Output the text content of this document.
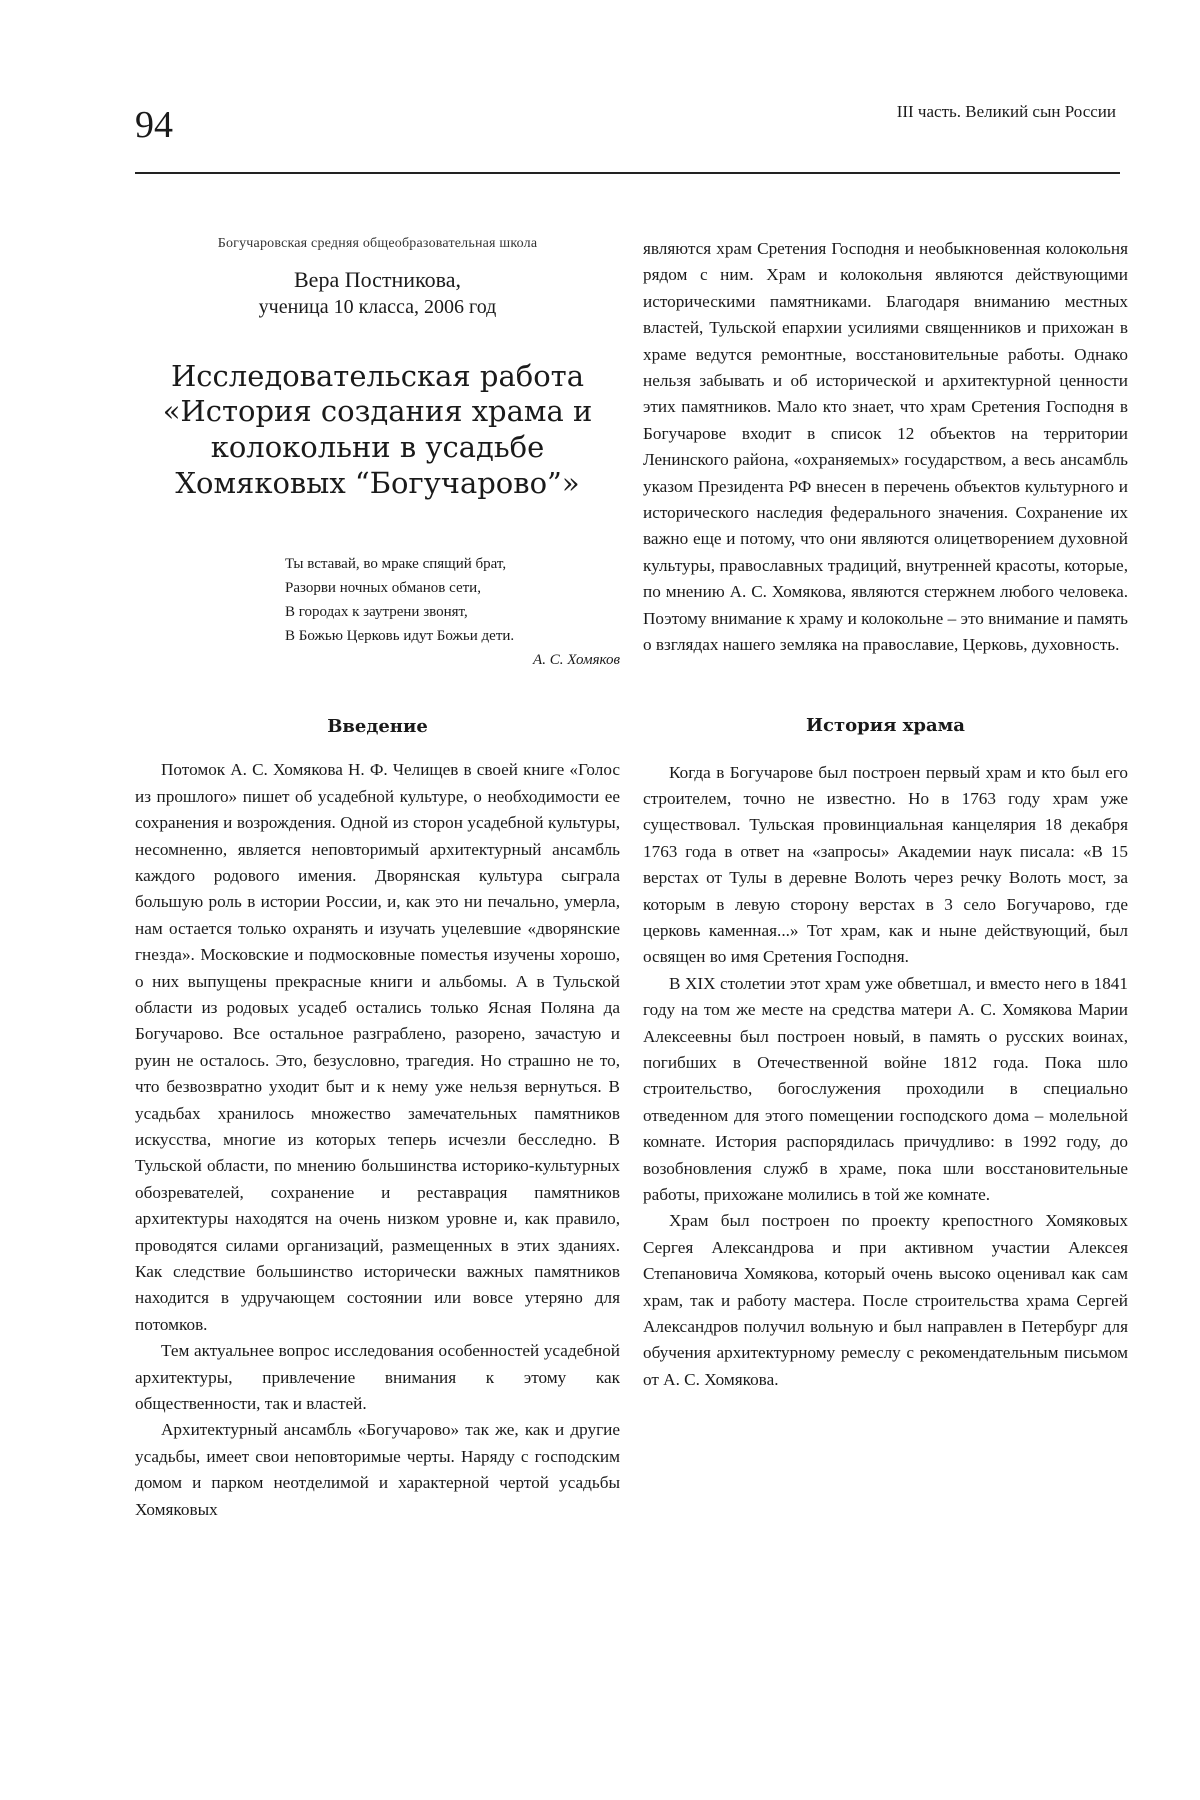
94	III часть. Великий сын России

Богучаровская средняя общеобразовательная школа

Вера Постникова,

ученица 10 класса, 2006 год

Исследовательская работа «История создания храма и колокольни в усадьбе Хомяковых “Богучарово”»

Ты вставай, во мраке спящий брат,

Разорви ночных обманов сети,

В городах к заутрени звонят,

В Божью Церковь идут Божьи дети.

А. С. Хомяков

Введение

Потомок А. С. Хомякова Н. Ф. Челищев в своей книге «Голос из прошлого» пишет об усадебной культуре, о необходимости ее сохранения и возрождения. Одной из сторон усадебной культуры, несомненно, является неповторимый архитектурный ансамбль каждого родового имения. Дворянская культура сыграла большую роль в истории России, и, как это ни печально, умерла, нам остается только охранять и изучать уцелевшие «дворянские гнезда». Московские и подмосковные поместья изучены хорошо, о них выпущены прекрасные книги и альбомы. А в Тульской области из родовых усадеб остались только Ясная Поляна да Богучарово. Все остальное разграблено, разорено, зачастую и руин не осталось. Это, безусловно, трагедия. Но страшно не то, что безвозвратно уходит быт и к нему уже нельзя вернуться. В усадьбах хранилось множество замечательных памятников искусства, многие из которых теперь исчезли бесследно. В Тульской области, по мнению большинства историко-культурных обозревателей, сохранение и реставрация памятников архитектуры находятся на очень низком уровне и, как правило, проводятся силами организаций, размещенных в этих зданиях. Как следствие большинство исторически важных памятников находится в удручающем состоянии или вовсе утеряно для потомков.

Тем актуальнее вопрос исследования особенностей усадебной архитектуры, привлечение внимания к этому как общественности, так и властей.

Архитектурный ансамбль «Богучарово» так же, как и другие усадьбы, имеет свои неповторимые черты. Наряду с господским домом и парком неотделимой и характерной чертой усадьбы Хомяковых

являются храм Сретения Господня и необыкновенная колокольня рядом с ним. Храм и колокольня являются действующими историческими памятниками. Благодаря вниманию местных властей, Тульской епархии усилиями священников и прихожан в храме ведутся ремонтные, восстановительные работы. Однако нельзя забывать и об исторической и архитектурной ценности этих памятников. Мало кто знает, что храм Сретения Господня в Богучарове входит в список 12 объектов на территории Ленинского района, «охраняемых» государством, а весь ансамбль указом Президента РФ внесен в перечень объектов культурного и исторического наследия федерального значения. Сохранение их важно еще и потому, что они являются олицетворением духовной культуры, православных традиций, внутренней красоты, которые, по мнению А. С. Хомякова, являются стержнем любого человека. Поэтому внимание к храму и колокольне – это внимание и память о взглядах нашего земляка на православие, Церковь, духовность.

История храма

Когда в Богучарове был построен первый храм и кто был его строителем, точно не известно. Но в 1763 году храм уже существовал. Тульская провинциальная канцелярия 18 декабря 1763 года в ответ на «запросы» Академии наук писала: «В 15 верстах от Тулы в деревне Волоть через речку Волоть мост, за которым в левую сторону верстах в 3 село Богучарово, где церковь каменная...» Тот храм, как и ныне действующий, был освящен во имя Сретения Господня.

В XIX столетии этот храм уже обветшал, и вместо него в 1841 году на том же месте на средства матери А. С. Хомякова Марии Алексеевны был построен новый, в память о русских воинах, погибших в Отечественной войне 1812 года. Пока шло строительство, богослужения проходили в специально отведенном для этого помещении господского дома – молельной комнате. История распорядилась причудливо: в 1992 году, до возобновления служб в храме, пока шли восстановительные работы, прихожане молились в той же комнате.

Храм был построен по проекту крепостного Хомяковых Сергея Александрова и при активном участии Алексея Степановича Хомякова, который очень высоко оценивал как сам храм, так и работу мастера. После строительства храма Сергей Александров получил вольную и был направлен в Петербург для обучения архитектурному ремеслу с рекомендательным письмом от А. С. Хомякова.
